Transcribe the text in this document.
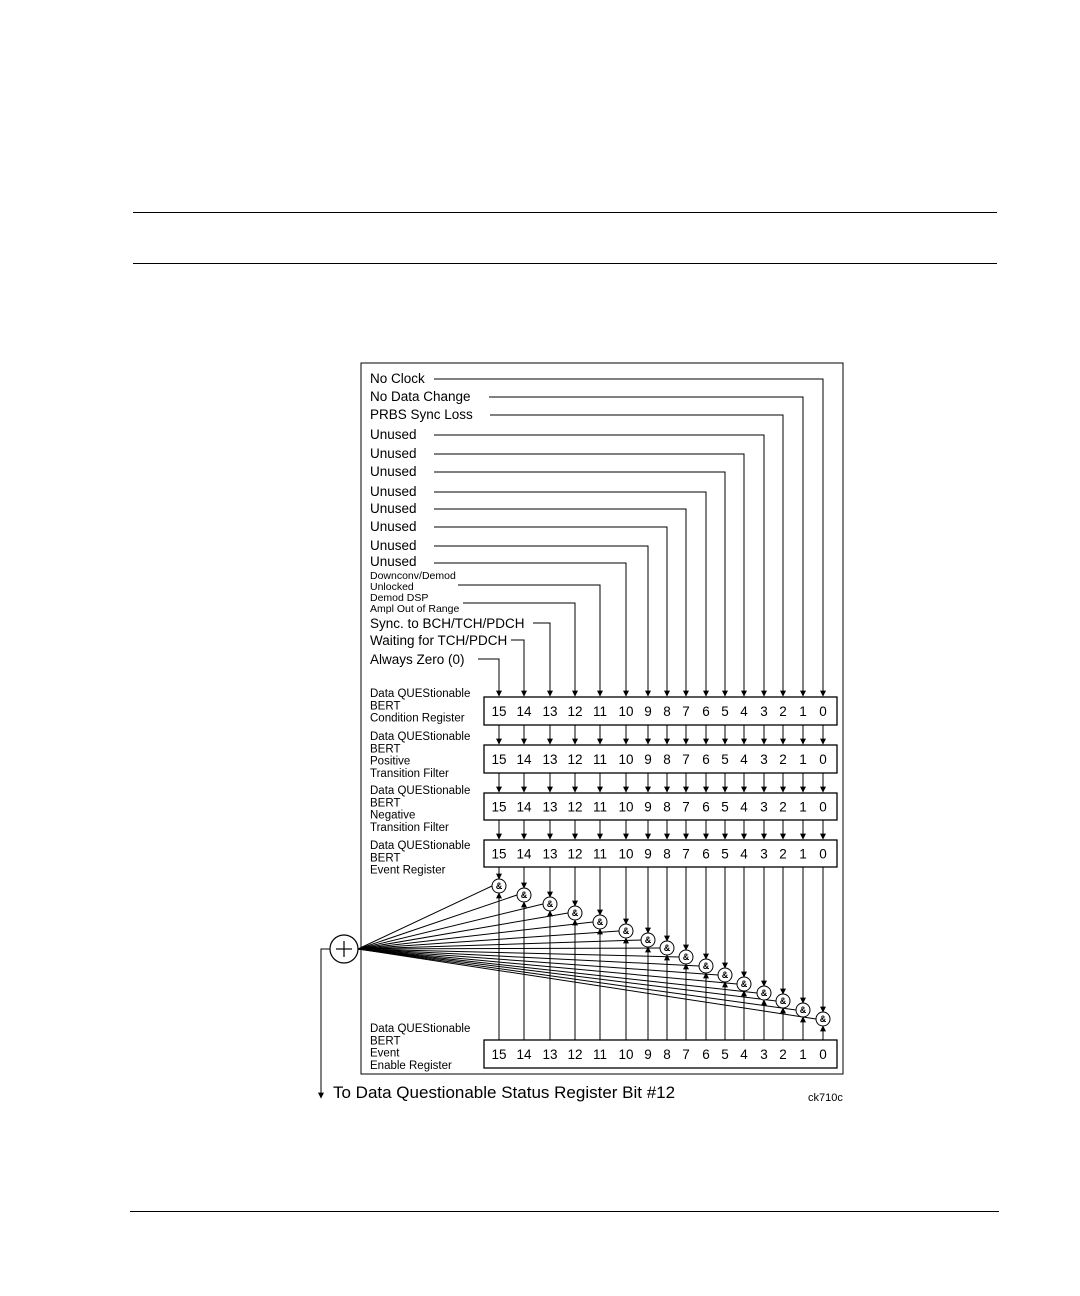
No Clock
No Data Change
PRBS Sync Loss
Unused
Unused
Unused
Unused
Unused
Unused
Unused
Unused
Downconv/Demod
Unlocked
Demod DSP
Ampl Out of Range
Sync. to BCH/TCH/PDCH
Waiting for TCH/PDCH
Always Zero (0)
Data QUEStionable
BERT
Condition Register 15 14 13 12 11 10 9 8 7 6 5 4 3 2 1 0
Data QUEStionable
BERT
Positive
Transition Filter
15 14 13 12 11 10 9 8 7 6 5 4 3 2 1 0
Data QUEStionable
BERT
Negative
Transition Filter
15 14 13 12 11 10 9 8 7 6 5 4 3 2 1 0
Data QUEStionable
BERT
Event Register
15 14 13 12 11 10 9 8 7 6 5 4 3 2 1 0
Data QUEStionable
BERT
Event
Enable Register
15 14 13 12 11 10 9 8 7 6 5 4 3 2 1 0
&
&
&
&
&
&
&
&
&
&
&
&
&
&
&
&
To Data Questionable Status Register Bit #12	ck710c
